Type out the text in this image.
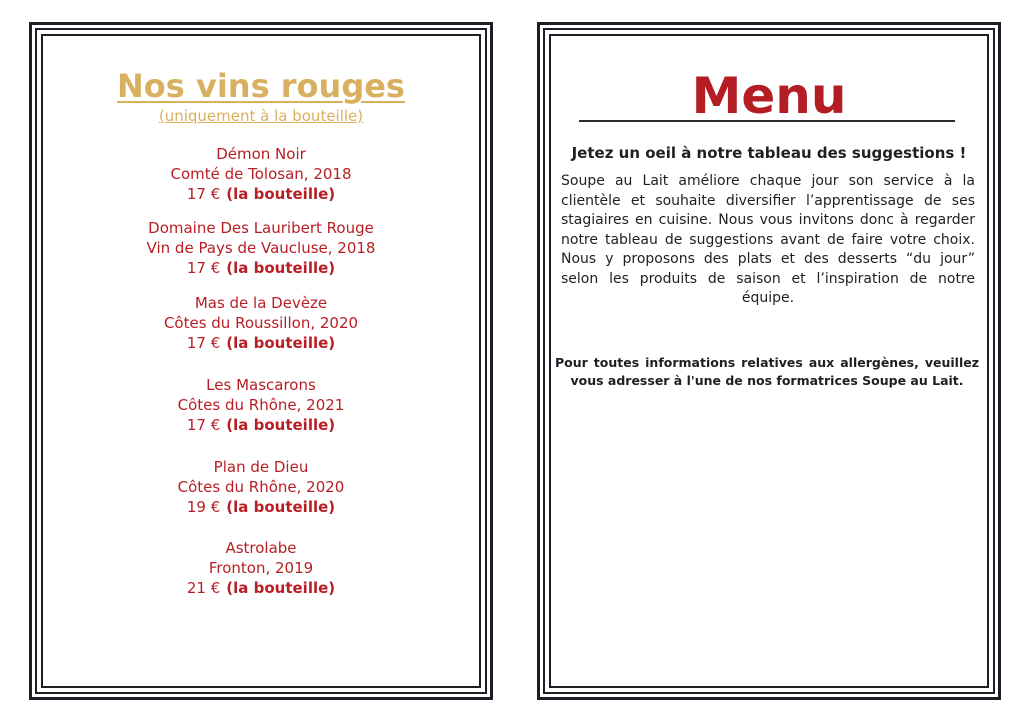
Nos vins rouges
(uniquement à la bouteille)
Démon Noir
Comté de Tolosan, 2018
17 € (la bouteille)
Domaine Des Lauribert Rouge
Vin de Pays de Vaucluse, 2018
17 € (la bouteille)
Mas de la Devèze
Côtes du Roussillon, 2020
17 € (la bouteille)
Les Mascarons
Côtes du Rhône, 2021
17 € (la bouteille)
Plan de Dieu
Côtes du Rhône, 2020
19 € (la bouteille)
Astrolabe
Fronton, 2019
21 € (la bouteille)
Menu
Jetez un oeil à notre tableau des suggestions !
Soupe au Lait améliore chaque jour son service à la clientèle et souhaite diversifier l’apprentissage de ses stagiaires en cuisine. Nous vous invitons donc à regarder notre tableau de suggestions avant de faire votre choix. Nous y proposons des plats et des desserts “du jour” selon les produits de saison et l’inspiration de notre équipe.
Pour toutes informations relatives aux allergènes, veuillez vous adresser à l'une de nos formatrices Soupe au Lait.
